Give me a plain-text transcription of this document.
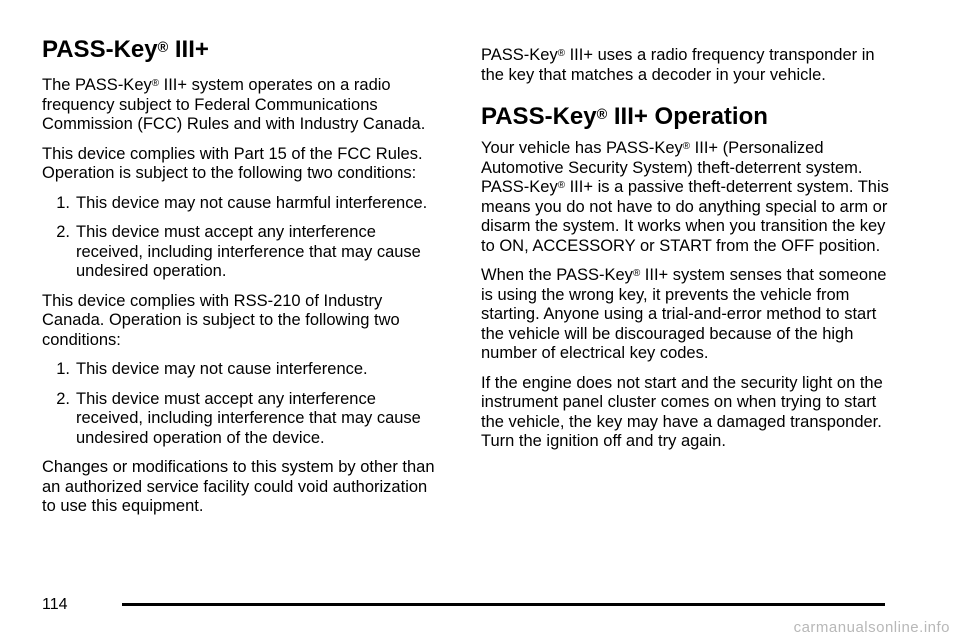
PASS-Key® III+

The PASS-Key® III+ system operates on a radio frequency subject to Federal Communications Commission (FCC) Rules and with Industry Canada.

This device complies with Part 15 of the FCC Rules. Operation is subject to the following two conditions:

1. This device may not cause harmful interference.
2. This device must accept any interference received, including interference that may cause undesired operation.

This device complies with RSS-210 of Industry Canada. Operation is subject to the following two conditions:

1. This device may not cause interference.
2. This device must accept any interference received, including interference that may cause undesired operation of the device.

Changes or modifications to this system by other than an authorized service facility could void authorization to use this equipment.

PASS-Key® III+ uses a radio frequency transponder in the key that matches a decoder in your vehicle.

PASS-Key® III+ Operation

Your vehicle has PASS-Key® III+ (Personalized Automotive Security System) theft-deterrent system. PASS-Key® III+ is a passive theft-deterrent system. This means you do not have to do anything special to arm or disarm the system. It works when you transition the key to ON, ACCESSORY or START from the OFF position.

When the PASS-Key® III+ system senses that someone is using the wrong key, it prevents the vehicle from starting. Anyone using a trial-and-error method to start the vehicle will be discouraged because of the high number of electrical key codes.

If the engine does not start and the security light on the instrument panel cluster comes on when trying to start the vehicle, the key may have a damaged transponder. Turn the ignition off and try again.

114
carmanualsonline.info
